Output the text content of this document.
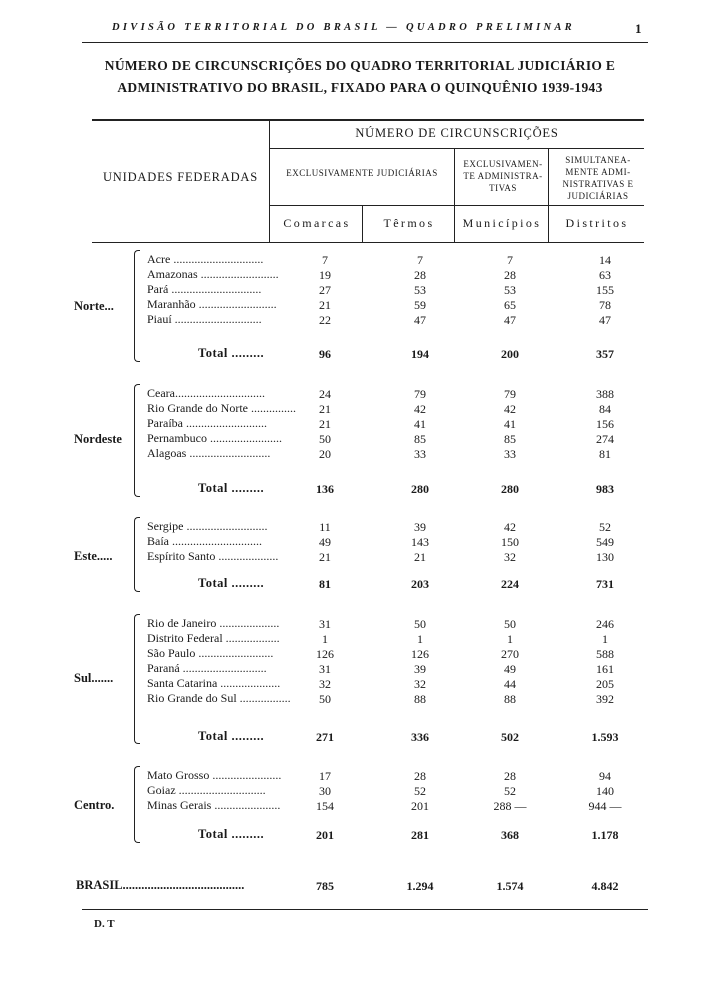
DIVISÃO TERRITORIAL DO BRASIL — QUADRO PRELIMINAR	1
NÚMERO DE CIRCUNSCRIÇÕES DO QUADRO TERRITORIAL JUDICIÁRIO E
ADMINISTRATIVO DO BRASIL, FIXADO PARA O QUINQUÊNIO 1939-1943
UNIDADES FEDERADAS
NÚMERO DE CIRCUNSCRIÇÕES
EXCLUSIVAMENTE JUDICIÁRIAS
EXCLUSIVAMEN-TE ADMINISTRA-TIVAS
SIMULTANEA-MENTE ADMI-NISTRATIVAS E JUDICIÁRIAS
Comarcas	Têrmos	Municípios	Distritos
Norte...
Acre ..............................	7	7	7	14
Amazonas ..........................	19	28	28	63
Pará ..............................	27	53	53	155
Maranhão ..........................	21	59	65	78
Piauí .............................	22	47	47	47
Total .........	96	194	200	357
Nordeste
Ceara..............................	24	79	79	388
Rio Grande do Norte ...............	21	42	42	84
Paraíba ...........................	21	41	41	156
Pernambuco ........................	50	85	85	274
Alagoas ...........................	20	33	33	81
Total .........	136	280	280	983
Este.....
Sergipe ...........................	11	39	42	52
Baía ..............................	49	143	150	549
Espírito Santo ....................	21	21	32	130
Total .........	81	203	224	731
Sul.......
Rio de Janeiro ....................	31	50	50	246
Distrito Federal ..................	1	1	1	1
São Paulo .........................	126	126	270	588
Paraná ............................	31	39	49	161
Santa Catarina ....................	32	32	44	205
Rio Grande do Sul .................	50	88	88	392
Total .........	271	336	502	1.593
Centro.
Mato Grosso .......................	17	28	28	94
Goiaz .............................	30	52	52	140
Minas Gerais ......................	154	201	288 —	944 —
Total .........	201	281	368	1.178
BRASIL.......................................	785	1.294	1.574	4.842
D. T
